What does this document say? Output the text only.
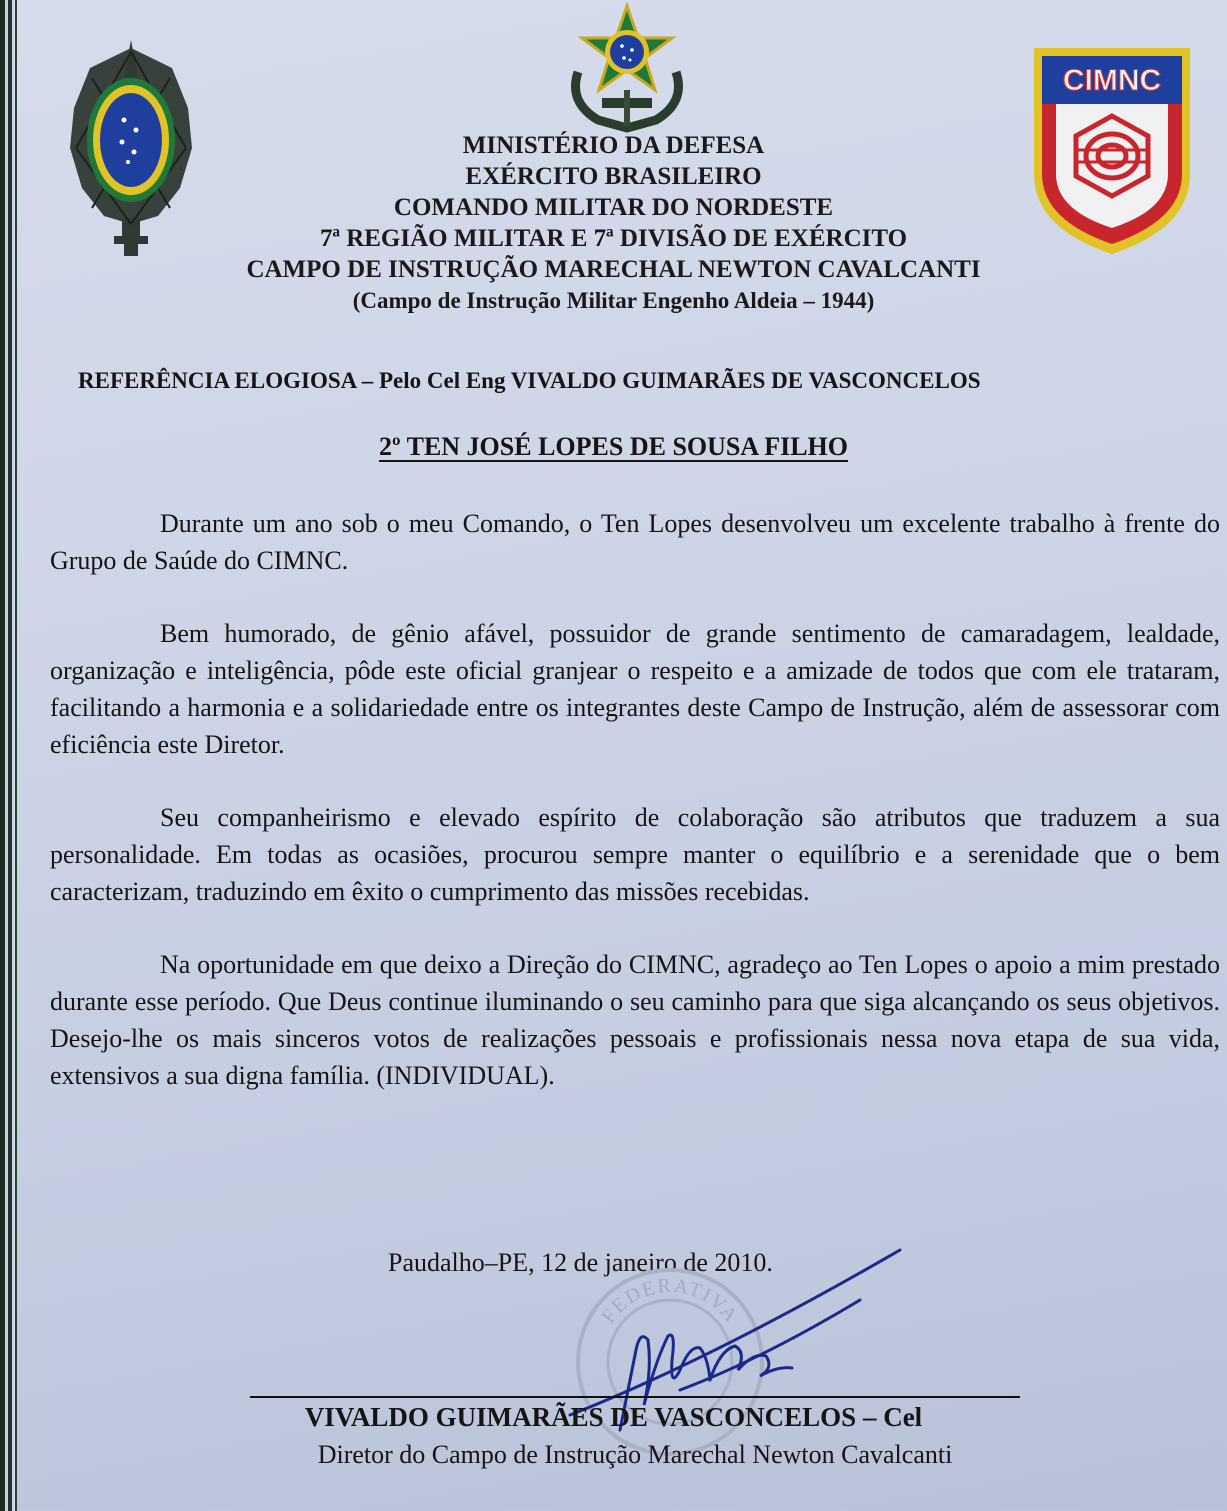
CIMNC
MINISTÉRIO DA DEFESA
EXÉRCITO BRASILEIRO
COMANDO MILITAR DO NORDESTE
7ª REGIÃO MILITAR E 7ª DIVISÃO DE EXÉRCITO
CAMPO DE INSTRUÇÃO MARECHAL NEWTON CAVALCANTI
(Campo de Instrução Militar Engenho Aldeia – 1944)
REFERÊNCIA ELOGIOSA – Pelo Cel Eng VIVALDO GUIMARÃES DE VASCONCELOS
2º TEN JOSÉ LOPES DE SOUSA FILHO

Durante um ano sob o meu Comando, o Ten Lopes desenvolveu um excelente trabalho à frente do Grupo de Saúde do CIMNC.

Bem humorado, de gênio afável, possuidor de grande sentimento de camaradagem, lealdade, organização e inteligência, pôde este oficial granjear o respeito e a amizade de todos que com ele trataram, facilitando a harmonia e a solidariedade entre os integrantes deste Campo de Instrução, além de assessorar com eficiência este Diretor.

Seu companheirismo e elevado espírito de colaboração são atributos que traduzem a sua personalidade. Em todas as ocasiões, procurou sempre manter o equilíbrio e a serenidade que o bem caracterizam, traduzindo em êxito o cumprimento das missões recebidas.

Na oportunidade em que deixo a Direção do CIMNC, agradeço ao Ten Lopes o apoio a mim prestado durante esse período. Que Deus continue iluminando o seu caminho para que siga alcançando os seus objetivos. Desejo-lhe os mais sinceros votos de realizações pessoais e profissionais nessa nova etapa de sua vida, extensivos a sua digna família. (INDIVIDUAL).

Paudalho–PE, 12 de janeiro de 2010.
FEDERATIVA
VIVALDO GUIMARÃES DE VASCONCELOS – Cel
Diretor do Campo de Instrução Marechal Newton Cavalcanti
